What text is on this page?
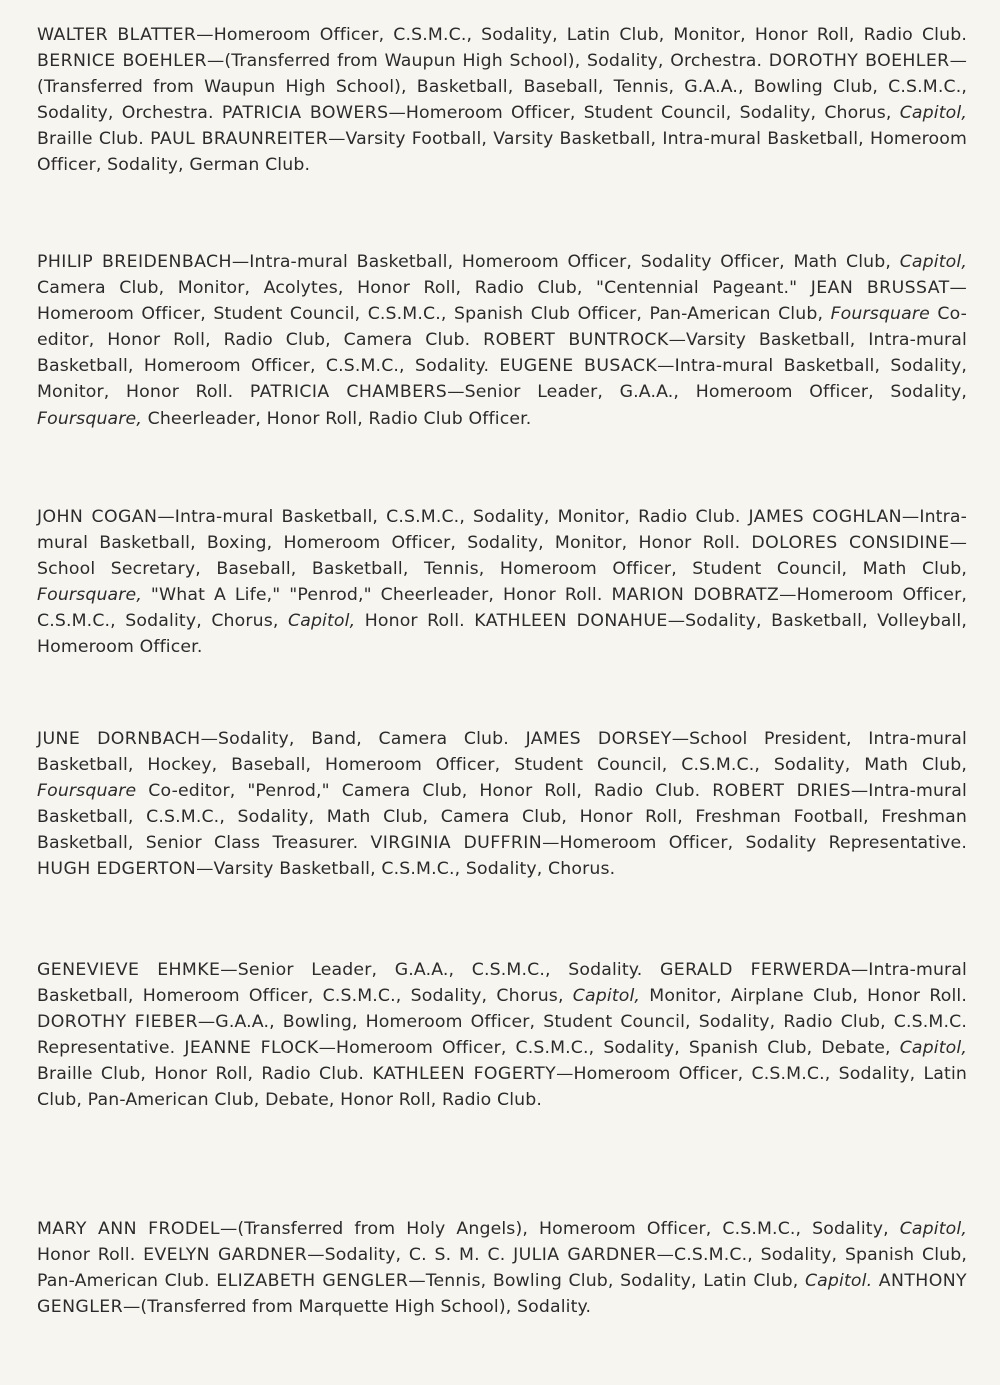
WALTER BLATTER—Homeroom Officer, C.S.M.C., Sodality, Latin Club, Monitor, Honor Roll, Radio Club. BERNICE BOEHLER—(Transferred from Waupun High School), Sodality, Orchestra. DOROTHY BOEHLER—(Transferred from Waupun High School), Basketball, Baseball, Tennis, G.A.A., Bowling Club, C.S.M.C., Sodality, Orchestra. PATRICIA BOWERS—Homeroom Officer, Student Council, Sodality, Chorus, Capitol, Braille Club. PAUL BRAUNREITER—Varsity Football, Varsity Basketball, Intra-mural Basketball, Homeroom Officer, Sodality, German Club.

PHILIP BREIDENBACH—Intra-mural Basketball, Homeroom Officer, Sodality Officer, Math Club, Capitol, Camera Club, Monitor, Acolytes, Honor Roll, Radio Club, "Centennial Pageant." JEAN BRUSSAT—Homeroom Officer, Student Council, C.S.M.C., Spanish Club Officer, Pan-American Club, Foursquare Co-editor, Honor Roll, Radio Club, Camera Club. ROBERT BUNTROCK—Varsity Basketball, Intra-mural Basketball, Homeroom Officer, C.S.M.C., Sodality. EUGENE BUSACK—Intra-mural Basketball, Sodality, Monitor, Honor Roll. PATRICIA CHAMBERS—Senior Leader, G.A.A., Homeroom Officer, Sodality, Foursquare, Cheerleader, Honor Roll, Radio Club Officer.

JOHN COGAN—Intra-mural Basketball, C.S.M.C., Sodality, Monitor, Radio Club. JAMES COGHLAN—Intra-mural Basketball, Boxing, Homeroom Officer, Sodality, Monitor, Honor Roll. DOLORES CONSIDINE—School Secretary, Baseball, Basketball, Tennis, Homeroom Officer, Student Council, Math Club, Foursquare, "What A Life," "Penrod," Cheerleader, Honor Roll. MARION DOBRATZ—Homeroom Officer, C.S.M.C., Sodality, Chorus, Capitol, Honor Roll. KATHLEEN DONAHUE—Sodality, Basketball, Volleyball, Homeroom Officer.

JUNE DORNBACH—Sodality, Band, Camera Club. JAMES DORSEY—School President, Intra-mural Basketball, Hockey, Baseball, Homeroom Officer, Student Council, C.S.M.C., Sodality, Math Club, Foursquare Co-editor, "Penrod," Camera Club, Honor Roll, Radio Club. ROBERT DRIES—Intra-mural Basketball, C.S.M.C., Sodality, Math Club, Camera Club, Honor Roll, Freshman Football, Freshman Basketball, Senior Class Treasurer. VIRGINIA DUFFRIN—Homeroom Officer, Sodality Representative. HUGH EDGERTON—Varsity Basketball, C.S.M.C., Sodality, Chorus.

GENEVIEVE EHMKE—Senior Leader, G.A.A., C.S.M.C., Sodality. GERALD FERWERDA—Intra-mural Basketball, Homeroom Officer, C.S.M.C., Sodality, Chorus, Capitol, Monitor, Airplane Club, Honor Roll. DOROTHY FIEBER—G.A.A., Bowling, Homeroom Officer, Student Council, Sodality, Radio Club, C.S.M.C. Representative. JEANNE FLOCK—Homeroom Officer, C.S.M.C., Sodality, Spanish Club, Debate, Capitol, Braille Club, Honor Roll, Radio Club. KATHLEEN FOGERTY—Homeroom Officer, C.S.M.C., Sodality, Latin Club, Pan-American Club, Debate, Honor Roll, Radio Club.

MARY ANN FRODEL—(Transferred from Holy Angels), Homeroom Officer, C.S.M.C., Sodality, Capitol, Honor Roll. EVELYN GARDNER—Sodality, C. S. M. C. JULIA GARDNER—C.S.M.C., Sodality, Spanish Club, Pan-American Club. ELIZABETH GENGLER—Tennis, Bowling Club, Sodality, Latin Club, Capitol. ANTHONY GENGLER—(Transferred from Marquette High School), Sodality.
